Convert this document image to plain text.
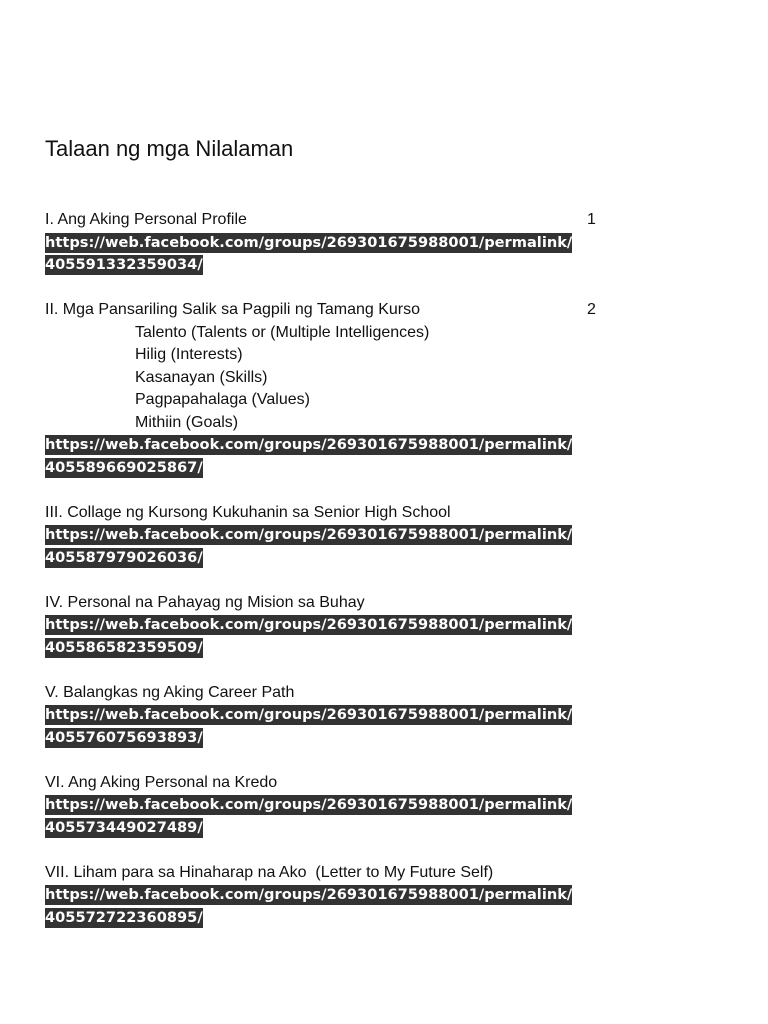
Talaan ng mga Nilalaman
I. Ang Aking Personal Profile	1
https://web.facebook.com/groups/269301675988001/permalink/
405591332359034/
II. Mga Pansariling Salik sa Pagpili ng Tamang Kurso	2
Talento (Talents or (Multiple Intelligences)
Hilig (Interests)
Kasanayan (Skills)
Pagpapahalaga (Values)
Mithiin (Goals)
https://web.facebook.com/groups/269301675988001/permalink/
405589669025867/
III. Collage ng Kursong Kukuhanin sa Senior High School
https://web.facebook.com/groups/269301675988001/permalink/
405587979026036/
IV. Personal na Pahayag ng Mision sa Buhay
https://web.facebook.com/groups/269301675988001/permalink/
405586582359509/
V. Balangkas ng Aking Career Path
https://web.facebook.com/groups/269301675988001/permalink/
405576075693893/
VI. Ang Aking Personal na Kredo
https://web.facebook.com/groups/269301675988001/permalink/
405573449027489/
VII. Liham para sa Hinaharap na Ako  (Letter to My Future Self)
https://web.facebook.com/groups/269301675988001/permalink/
405572722360895/
